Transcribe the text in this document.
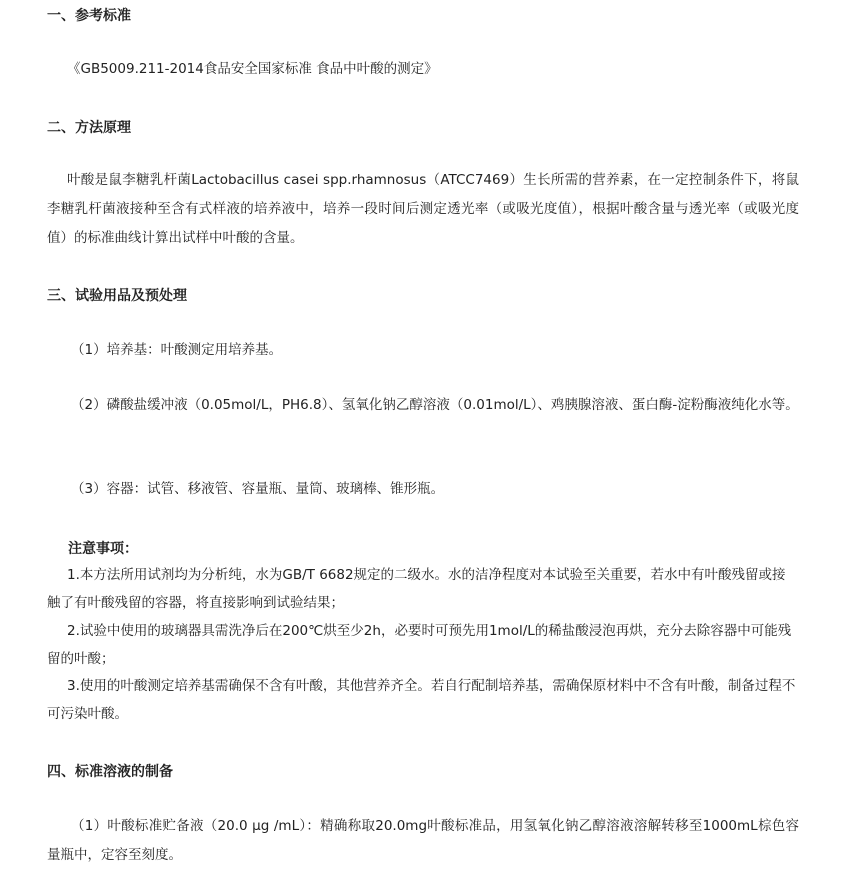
一、参考标准
《GB5009.211-2014食品安全国家标准 食品中叶酸的测定》
二、方法原理
叶酸是鼠李糖乳杆菌Lactobacillus casei spp.rhamnosus（ATCC7469）生长所需的营养素，在一定控制条件下，将鼠李糖乳杆菌液接种至含有式样液的培养液中，培养一段时间后测定透光率（或吸光度值），根据叶酸含量与透光率（或吸光度值）的标准曲线计算出试样中叶酸的含量。
三、试验用品及预处理
（1）培养基：叶酸测定用培养基。
（2）磷酸盐缓冲液（0.05mol/L，PH6.8）、氢氧化钠乙醇溶液（0.01mol/L）、鸡胰腺溶液、蛋白酶-淀粉酶液纯化水等。
（3）容器：试管、移液管、容量瓶、量筒、玻璃棒、锥形瓶。
注意事项：
1.本方法所用试剂均为分析纯，水为GB/T 6682规定的二级水。水的洁净程度对本试验至关重要，若水中有叶酸残留或接触了有叶酸残留的容器，将直接影响到试验结果；
2.试验中使用的玻璃器具需洗净后在200℃烘至少2h，必要时可预先用1mol/L的稀盐酸浸泡再烘，充分去除容器中可能残留的叶酸；
3.使用的叶酸测定培养基需确保不含有叶酸，其他营养齐全。若自行配制培养基，需确保原材料中不含有叶酸，制备过程不可污染叶酸。
四、标准溶液的制备
（1）叶酸标准贮备液（20.0 μg /mL）：精确称取20.0mg叶酸标准品，用氢氧化钠乙醇溶液溶解转移至1000mL棕色容量瓶中，定容至刻度。
